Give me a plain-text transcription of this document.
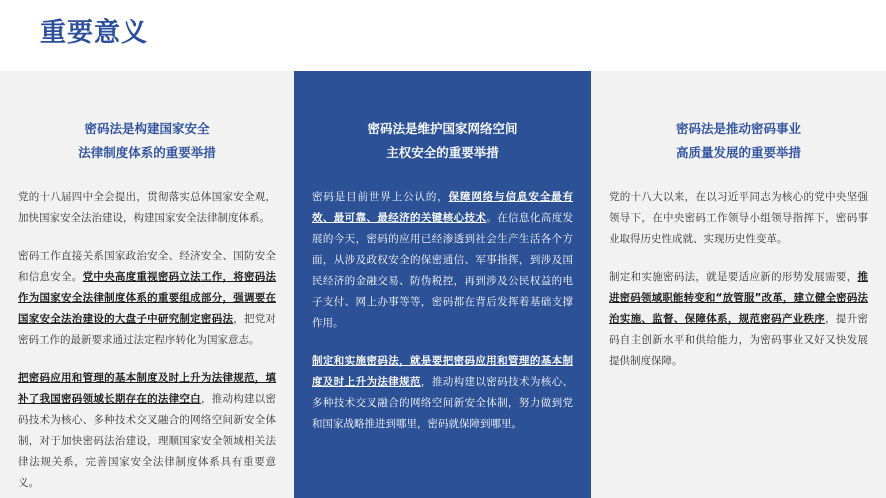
重要意义
密码法是构建国家安全
法律制度体系的重要举措

党的十八届四中全会提出，贯彻落实总体国家安全观，加快国家安全法治建设，构建国家安全法律制度体系。

密码工作直接关系国家政治安全、经济安全、国防安全和信息安全。党中央高度重视密码立法工作，将密码法作为国家安全法律制度体系的重要组成部分，强调要在国家安全法治建设的大盘子中研究制定密码法，把党对密码工作的最新要求通过法定程序转化为国家意志。

把密码应用和管理的基本制度及时上升为法律规范，填补了我国密码领域长期存在的法律空白，推动构建以密码技术为核心、多种技术交叉融合的网络空间新安全体制，对于加快密码法治建设，理顺国家安全领域相关法律法规关系，完善国家安全法律制度体系具有重要意义。

密码法是维护国家网络空间
主权安全的重要举措

密码是目前世界上公认的，保障网络与信息安全最有效、最可靠、最经济的关键核心技术。在信息化高度发展的今天，密码的应用已经渗透到社会生产生活各个方面，从涉及政权安全的保密通信、军事指挥，到涉及国民经济的金融交易、防伪税控，再到涉及公民权益的电子支付、网上办事等等，密码都在背后发挥着基础支撑作用。

制定和实施密码法，就是要把密码应用和管理的基本制度及时上升为法律规范，推动构建以密码技术为核心、多种技术交叉融合的网络空间新安全体制，努力做到党和国家战略推进到哪里，密码就保障到哪里。

密码法是推动密码事业
高质量发展的重要举措

党的十八大以来，在以习近平同志为核心的党中央坚强领导下，在中央密码工作领导小组领导指挥下，密码事业取得历史性成就、实现历史性变革。

制定和实施密码法，就是要适应新的形势发展需要，推进密码领域职能转变和“放管服”改革，建立健全密码法治实施、监督、保障体系，规范密码产业秩序，提升密码自主创新水平和供给能力，为密码事业又好又快发展提供制度保障。
